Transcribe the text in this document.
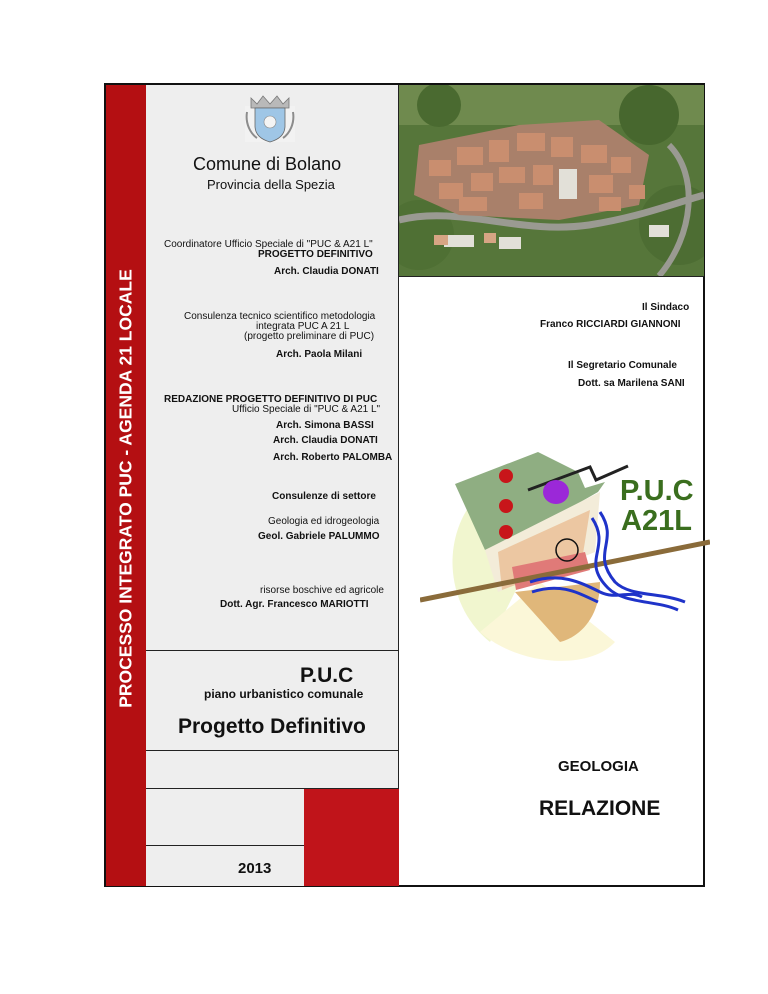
PROCESSO INTEGRATO PUC - AGENDA 21 LOCALE
Comune di Bolano
Provincia della Spezia
Coordinatore Ufficio Speciale di "PUC & A21 L"
PROGETTO DEFINITIVO
Arch. Claudia DONATI
Consulenza tecnico scientifico metodologia
integrata PUC A 21 L
(progetto preliminare di PUC)
Arch. Paola Milani
REDAZIONE PROGETTO DEFINITIVO DI PUC
Ufficio Speciale di "PUC & A21 L"
Arch. Simona BASSI
Arch. Claudia DONATI
Arch. Roberto PALOMBA
Consulenze di settore
Geologia ed idrogeologia
Geol. Gabriele PALUMMO
risorse boschive ed agricole
Dott. Agr. Francesco MARIOTTI
Il Sindaco
Franco RICCIARDI GIANNONI
Il Segretario Comunale
Dott. sa Marilena SANI
P.U.C
A21L
P.U.C
piano urbanistico comunale
Progetto Definitivo
2013
GEOLOGIA
RELAZIONE
